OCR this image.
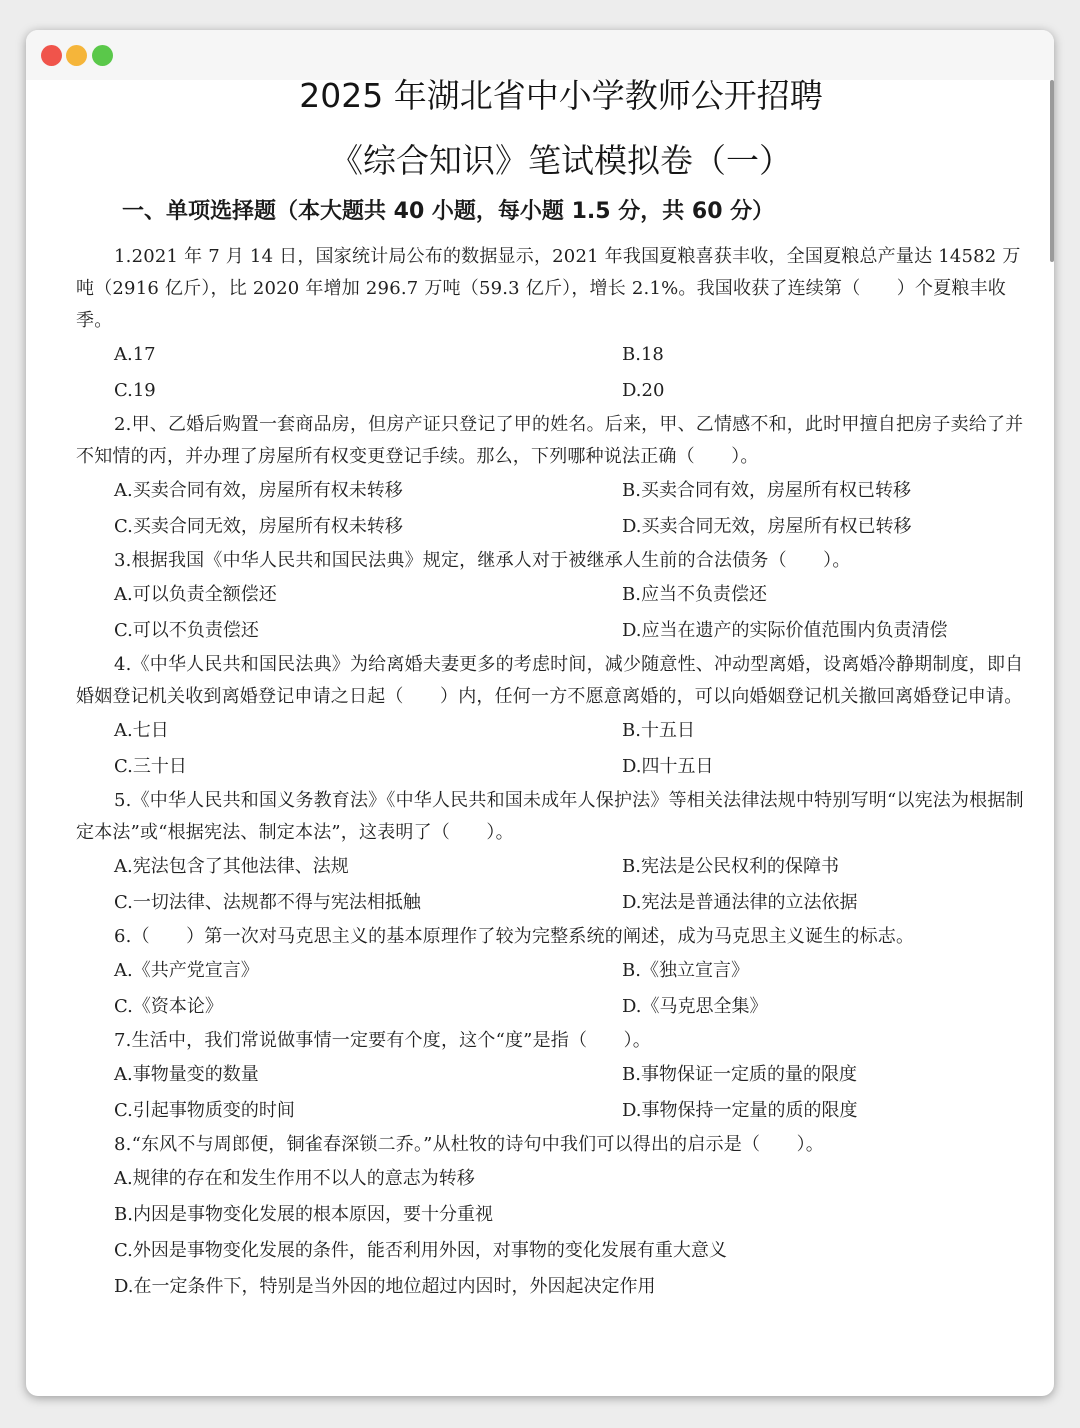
2025 年湖北省中小学教师公开招聘
《综合知识》笔试模拟卷（一）
一、单项选择题（本大题共 40 小题，每小题 1.5 分，共 60 分）

1.2021 年 7 月 14 日，国家统计局公布的数据显示，2021 年我国夏粮喜获丰收，全国夏粮总产量达 14582 万吨（2916 亿斤），比 2020 年增加 296.7 万吨（59.3 亿斤），增长 2.1%。我国收获了连续第（　　）个夏粮丰收季。

A.17	B.18
C.19	D.20

2.甲、乙婚后购置一套商品房，但房产证只登记了甲的姓名。后来，甲、乙情感不和，此时甲擅自把房子卖给了并不知情的丙，并办理了房屋所有权变更登记手续。那么，下列哪种说法正确（　　）。

A.买卖合同有效，房屋所有权未转移	B.买卖合同有效，房屋所有权已转移
C.买卖合同无效，房屋所有权未转移	D.买卖合同无效，房屋所有权已转移

3.根据我国《中华人民共和国民法典》规定，继承人对于被继承人生前的合法债务（　　）。

A.可以负责全额偿还	B.应当不负责偿还
C.可以不负责偿还	D.应当在遗产的实际价值范围内负责清偿

4.《中华人民共和国民法典》为给离婚夫妻更多的考虑时间，减少随意性、冲动型离婚，设离婚冷静期制度，即自婚姻登记机关收到离婚登记申请之日起（　　）内，任何一方不愿意离婚的，可以向婚姻登记机关撤回离婚登记申请。

A.七日	B.十五日
C.三十日	D.四十五日

5.《中华人民共和国义务教育法》《中华人民共和国未成年人保护法》等相关法律法规中特别写明“以宪法为根据制定本法”或“根据宪法、制定本法”，这表明了（　　）。

A.宪法包含了其他法律、法规	B.宪法是公民权利的保障书
C.一切法律、法规都不得与宪法相抵触	D.宪法是普通法律的立法依据

6.（　　）第一次对马克思主义的基本原理作了较为完整系统的阐述，成为马克思主义诞生的标志。

A.《共产党宣言》	B.《独立宣言》
C.《资本论》	D.《马克思全集》

7.生活中，我们常说做事情一定要有个度，这个“度”是指（　　）。

A.事物量变的数量	B.事物保证一定质的量的限度
C.引起事物质变的时间	D.事物保持一定量的质的限度

8.“东风不与周郎便，铜雀春深锁二乔。”从杜牧的诗句中我们可以得出的启示是（　　）。

A.规律的存在和发生作用不以人的意志为转移
B.内因是事物变化发展的根本原因，要十分重视
C.外因是事物变化发展的条件，能否利用外因，对事物的变化发展有重大意义
D.在一定条件下，特别是当外因的地位超过内因时，外因起决定作用
